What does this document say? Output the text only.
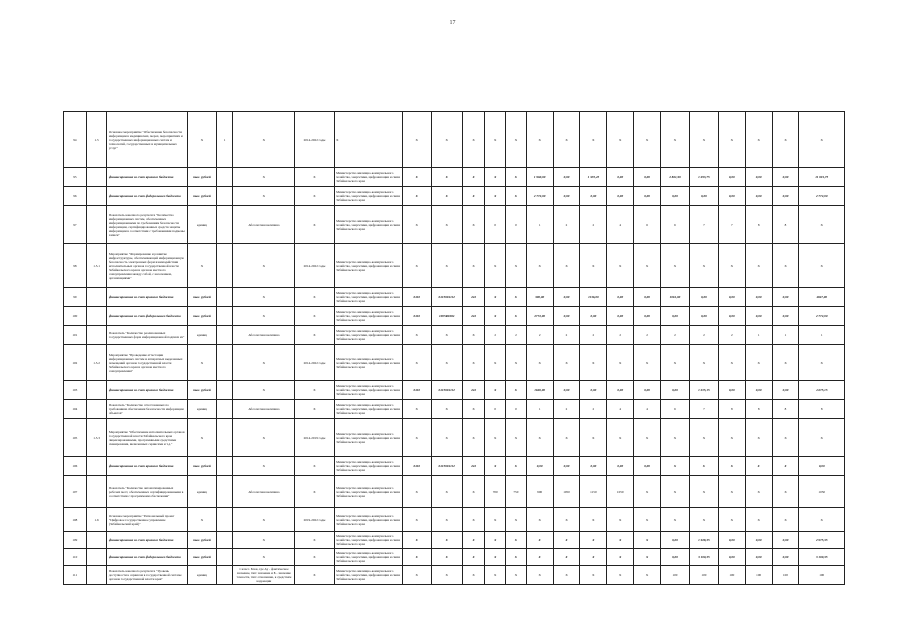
17
94	1.5	Основное мероприятие "Обеспечение безопасности информации в медицинских, мерах, мероприятиях и государственных информационных систем и технологий, государственных и муниципальных услуг"	Х	1	Х	2014-2022 годы	Х	Х	Х	Х	Х	Х	Х	Х	Х	Х	Х	Х	Х	Х	Х	Х	Х
95		финансирование за счет краевого бюджета	тыс. рублей		Х	Х	Министерство жилищно-коммунального хозяйства, энергетики, цифровизации и связи Забайкальского края	Х	Х	Х	Х	Х	1 960,00	0,00	1 335,45	0,00	0,00	2 861,90	1 653,75	0,00	0,00	0,00	11 001,75
96		финансирование за счет федерального бюджета	тыс. рублей		Х	Х	Министерство жилищно-коммунального хозяйства, энергетики, цифровизации и связи Забайкальского края	Х	Х	Х	Х	Х	2 772,00	0,00	0,00	0,00	0,00	0,00	0,00	0,00	0,00	0,00	2 772,00
97		Показатель конечного результата "Количество информационных систем, обеспеченных информационными по требованиям безопасности информации, сертифицированных средств защиты информации в соответствии с требованиями подмены записи"	единиц		Абсолютная величина	Х	Министерство жилищно-коммунального хозяйства, энергетики, цифровизации и связи Забайкальского края	Х	Х	Х	0	0	1	2	2	4	6	6	7	7	8	8	Х
98	1.5.1	Мероприятие "Формирование и развитие инфраструктуры, обеспечивающей информационную безопасность электронных форм взаимодействия исполнительных органов государственной власти Забайкальского края и органов местного самоуправления между собой, с населением, организациями"	Х		Х	2014-2022 годы	Министерство жилищно-коммунального хозяйства, энергетики, цифровизации и связи Забайкальского края	Х	Х	Х	Х	Х	Х	Х	Х	Х	Х	Х	Х	Х	Х	Х	Х
99		финансирование за счет краевого бюджета	тыс. рублей		Х	Х	Министерство жилищно-коммунального хозяйства, энергетики, цифровизации и связи Забайкальского края	0410	0415004112	242	Х	Х	300,00	0,00	1136,00	0,00	0,00	1061,00	0,00	0,00	0,00	0,00	4847,00
100		финансирование за счет федерального бюджета	тыс. рублей		Х	Х	Министерство жилищно-коммунального хозяйства, энергетики, цифровизации и связи Забайкальского края	0410	1005R0284	242	Х	Х	2772,00	0,00	0,00	0,00	0,00	0,00	0,00	0,00	0,00	0,00	2 772,00
101		Показатель "Количество реализованных государственных форм информационной подписи из"	единиц		Абсолютная величина	Х	Министерство жилищно-коммунального хозяйства, энергетики, цифровизации и связи Забайкальского края	Х	Х	Х	2	2	2	2	2	2	2	2	2	2	1	1	1
102	1.5.2	Мероприятие "Проведение аттестации информационных систем и аппаратных выделенных помещений органов государственной власти Забайкальского края и органов местного самоуправления"	Х		Х	2014-2022 годы	Министерство жилищно-коммунального хозяйства, энергетики, цифровизации и связи Забайкальского края	Х	Х	Х	Х	Х	Х	Х	Х	Х	Х	Х	Х	Х	Х	Х	Х
103		финансирование за счет краевого бюджета	тыс. рублей		Х	Х	Министерство жилищно-коммунального хозяйства, энергетики, цифровизации и связи Забайкальского края	0410	0415004112	242	Х	Х	1660,00	0,00	0,00	0,00	0,00	0,00	1 015,15	0,00	0,00	0,00	4 675,15
104		Показатель "Количество аттестованных по требованиям обеспечения безопасности информации объектов"	единиц		Абсолютная величина	Х	Министерство жилищно-коммунального хозяйства, энергетики, цифровизации и связи Забайкальского края	Х	Х	Х	0	0	1	2	2	4	4	6	7	8	8	8	8
105	1.5.3	Мероприятие "Обеспечение исполнительных органов государственной власти Забайкальского края лицензированными, программными средствами сканирования, включенных сервисами и т.д."	Х		Х	2014-2019 годы	Министерство жилищно-коммунального хозяйства, энергетики, цифровизации и связи Забайкальского края	Х	Х	Х	Х	Х	Х	Х	Х	Х	Х	Х	Х	Х	Х	Х	Х
106		финансирование за счет краевого бюджета	тыс. рублей		Х	Х	Министерство жилищно-коммунального хозяйства, энергетики, цифровизации и связи Забайкальского края	0410	0415004112	242	Х	Х	0,00	0,00	0,00	0,00	0,00	Х	Х	Х	Х	Х	0,00
107		Показатель "Количество автоматизированных рабочих мест, обеспеченных сертифицированными в соответствии с программами обеспечения"	единиц		Абсолютная величина	Х	Министерство жилищно-коммунального хозяйства, энергетики, цифровизации и связи Забайкальского края	Х	Х	Х	700	750	900	1050	1150	1050	Х	Х	Х	Х	Х	Х	1050
108	1.6	Основное мероприятие "Региональный проект "Цифровое государственное управление (Забайкальский край)"	Х		Х	2019-2022 годы	Министерство жилищно-коммунального хозяйства, энергетики, цифровизации и связи Забайкальского края	Х	Х	Х	Х	Х	Х	Х	Х	Х	Х	Х	Х	Х	Х	Х	Х
109		финансирование за счет краевого бюджета	тыс. рублей		Х	Х	Министерство жилищно-коммунального хозяйства, энергетики, цифровизации и связи Забайкальского края	Х	Х	Х	Х	Х	Х	Х	Х	Х	Х	0,00	1 928,35	0,00	0,00	0,00	2 975,35
110		финансирование за счет федерального бюджета	тыс. рублей		Х	Х	Министерство жилищно-коммунального хозяйства, энергетики, цифровизации и связи Забайкальского края	Х	Х	Х	Х	Х	Х	Х	Х	Х	Х	0,00	3 100,35	0,00	0,00	0,00	3 100,35
111		Показатель конечного результата "Уровень доступности к сервисам в государственной системе органов государственной власти края"	единиц		1 класс. Блок, где Ау - фактическое значение, тип: значение и Б - значение точности, тип: отношение, к средствам коррекции	Х	Министерство жилищно-коммунального хозяйства, энергетики, цифровизации и связи Забайкальского края	Х	Х	Х	Х	Х	Х	Х	Х	Х	Х	100	100	100	100	100	100
